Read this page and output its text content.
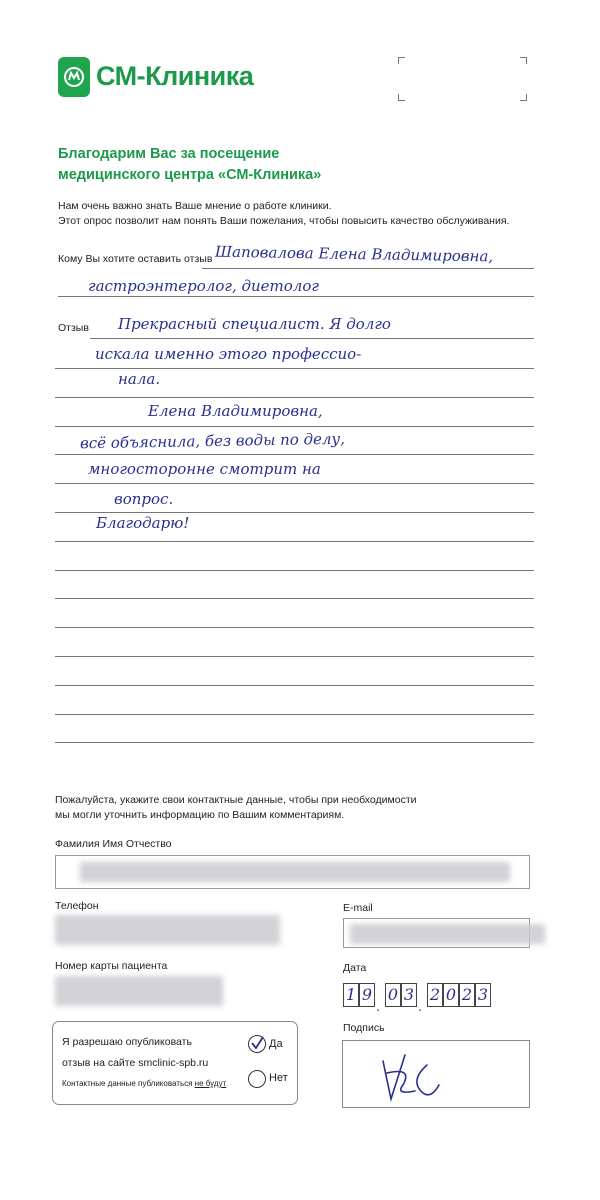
СМ-Клиника
Благодарим Вас за посещение
медицинского центра «СМ-Клиника»
Нам очень важно знать Ваше мнение о работе клиники.
Этот опрос позволит нам понять Ваши пожелания, чтобы повысить качество обслуживания.
Кому Вы хотите оставить отзыв Шаповалова Елена Владимировна,
гастроэнтеролог, диетолог
Отзыв Прекрасный специалист. Я долго
искала именно этого профессио-
нала.
Елена Владимировна,
всё объяснила, без воды по делу,
многосторонне смотрит на
вопрос.
Благодарю!
Пожалуйста, укажите свои контактные данные, чтобы при необходимости
мы могли уточнить информацию по Вашим комментариям.
Фамилия Имя Отчество
Телефон	E-mail
Номер карты пациента	Дата
1 9
.
0 3
.
2 0 2 3
Я разрешаю опубликовать
отзыв на сайте smclinic-spb.ru
Контактные данные публиковаться не будут
Да
Нет
Подпись
